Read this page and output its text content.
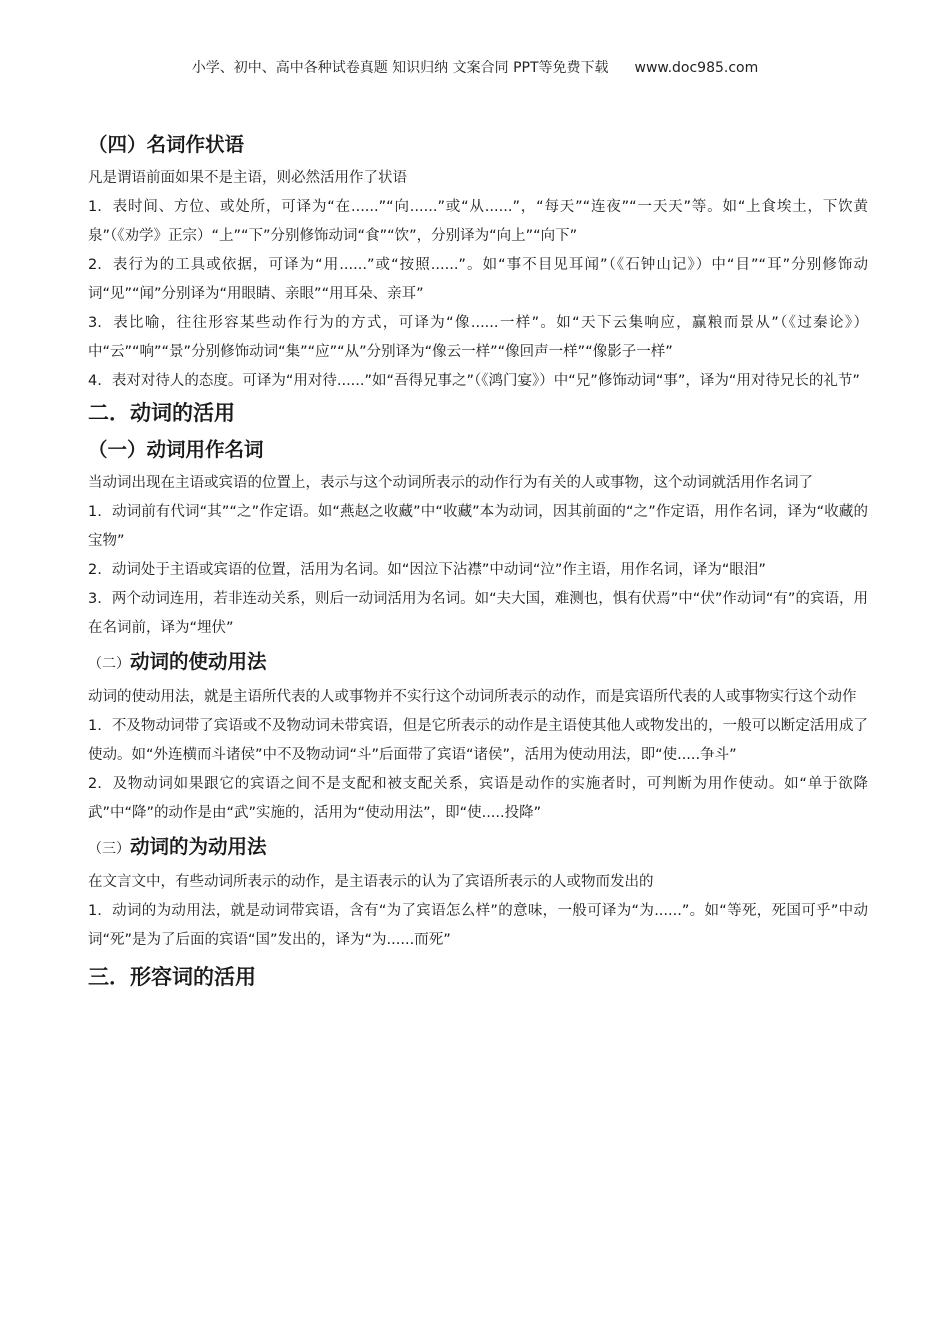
小学、初中、高中各种试卷真题 知识归纳 文案合同 PPT等免费下载 www.doc985.com
（四）名词作状语
凡是谓语前面如果不是主语，则必然活用作了状语
1. 表时间、方位、或处所，可译为“在......”“向......”或“从......”，“每天”“连夜”“一天天”等。如“上食埃土，下饮黄泉”（《劝学》正宗）“上”“下”分别修饰动词“食”“饮”，分别译为“向上”“向下”
2. 表行为的工具或依据，可译为“用......”或“按照......”。如“事不目见耳闻”（《石钟山记》）中“目”“耳”分别修饰动词“见”“闻”分别译为“用眼睛、亲眼”“用耳朵、亲耳”
3. 表比喻，往往形容某些动作行为的方式，可译为“像......一样”。如“天下云集响应，赢粮而景从”（《过秦论》）中“云”“响”“景”分别修饰动词“集”“应”“从”分别译为“像云一样”“像回声一样”“像影子一样”
4. 表对对待人的态度。可译为“用对待......”如“吾得兄事之”（《鸿门宴》）中“兄”修饰动词“事”，译为“用对待兄长的礼节”
二．动词的活用
（一）动词用作名词
当动词出现在主语或宾语的位置上，表示与这个动词所表示的动作行为有关的人或事物，这个动词就活用作名词了
1. 动词前有代词“其”“之”作定语。如“燕赵之收藏”中“收藏”本为动词，因其前面的“之”作定语，用作名词，译为“收藏的宝物”
2. 动词处于主语或宾语的位置，活用为名词。如“因泣下沾襟”中动词“泣”作主语，用作名词，译为“眼泪”
3. 两个动词连用，若非连动关系，则后一动词活用为名词。如“夫大国，难测也，惧有伏焉”中“伏”作动词“有”的宾语，用在名词前，译为“埋伏”
（二）动词的使动用法
动词的使动用法，就是主语所代表的人或事物并不实行这个动词所表示的动作，而是宾语所代表的人或事物实行这个动作
1. 不及物动词带了宾语或不及物动词未带宾语，但是它所表示的动作是主语使其他人或物发出的，一般可以断定活用成了使动。如“外连横而斗诸侯”中不及物动词“斗”后面带了宾语“诸侯”，活用为使动用法，即“使.....争斗”
2. 及物动词如果跟它的宾语之间不是支配和被支配关系，宾语是动作的实施者时，可判断为用作使动。如“单于欲降武”中“降”的动作是由“武”实施的，活用为“使动用法”，即“使.....投降”
（三）动词的为动用法
在文言文中，有些动词所表示的动作，是主语表示的认为了宾语所表示的人或物而发出的
1. 动词的为动用法，就是动词带宾语，含有“为了宾语怎么样”的意味，一般可译为“为......”。如“等死，死国可乎”中动词“死”是为了后面的宾语“国”发出的，译为“为......而死”
三．形容词的活用
